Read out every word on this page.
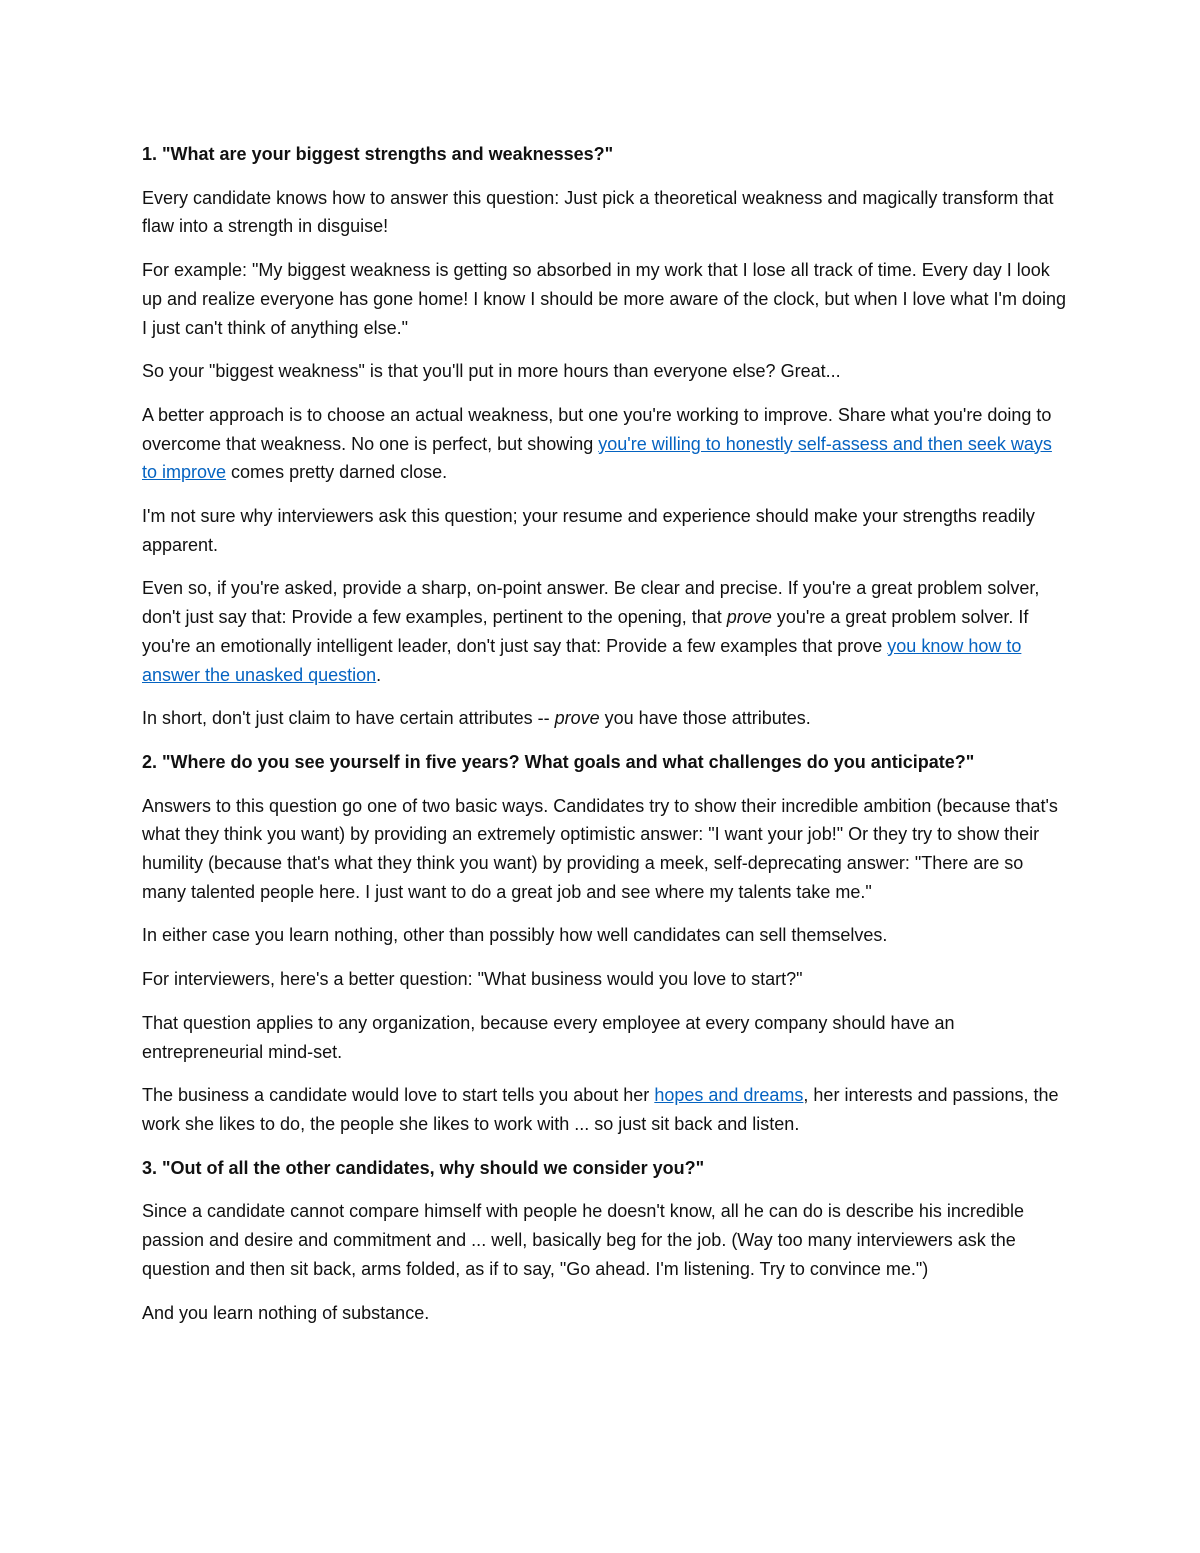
1. "What are your biggest strengths and weaknesses?"

Every candidate knows how to answer this question: Just pick a theoretical weakness and magically transform that flaw into a strength in disguise!

For example: "My biggest weakness is getting so absorbed in my work that I lose all track of time. Every day I look up and realize everyone has gone home! I know I should be more aware of the clock, but when I love what I'm doing I just can't think of anything else."

So your "biggest weakness" is that you'll put in more hours than everyone else? Great...

A better approach is to choose an actual weakness, but one you're working to improve. Share what you're doing to overcome that weakness. No one is perfect, but showing you're willing to honestly self-assess and then seek ways to improve comes pretty darned close.

I'm not sure why interviewers ask this question; your resume and experience should make your strengths readily apparent.

Even so, if you're asked, provide a sharp, on-point answer. Be clear and precise. If you're a great problem solver, don't just say that: Provide a few examples, pertinent to the opening, that prove you're a great problem solver. If you're an emotionally intelligent leader, don't just say that: Provide a few examples that prove you know how to answer the unasked question.

In short, don't just claim to have certain attributes -- prove you have those attributes.

2. "Where do you see yourself in five years? What goals and what challenges do you anticipate?"

Answers to this question go one of two basic ways. Candidates try to show their incredible ambition (because that's what they think you want) by providing an extremely optimistic answer: "I want your job!" Or they try to show their humility (because that's what they think you want) by providing a meek, self-deprecating answer: "There are so many talented people here. I just want to do a great job and see where my talents take me."

In either case you learn nothing, other than possibly how well candidates can sell themselves.

For interviewers, here's a better question: "What business would you love to start?"

That question applies to any organization, because every employee at every company should have an entrepreneurial mind-set.

The business a candidate would love to start tells you about her hopes and dreams, her interests and passions, the work she likes to do, the people she likes to work with ... so just sit back and listen.

3. "Out of all the other candidates, why should we consider you?"

Since a candidate cannot compare himself with people he doesn't know, all he can do is describe his incredible passion and desire and commitment and ... well, basically beg for the job. (Way too many interviewers ask the question and then sit back, arms folded, as if to say, "Go ahead. I'm listening. Try to convince me.")

And you learn nothing of substance.
